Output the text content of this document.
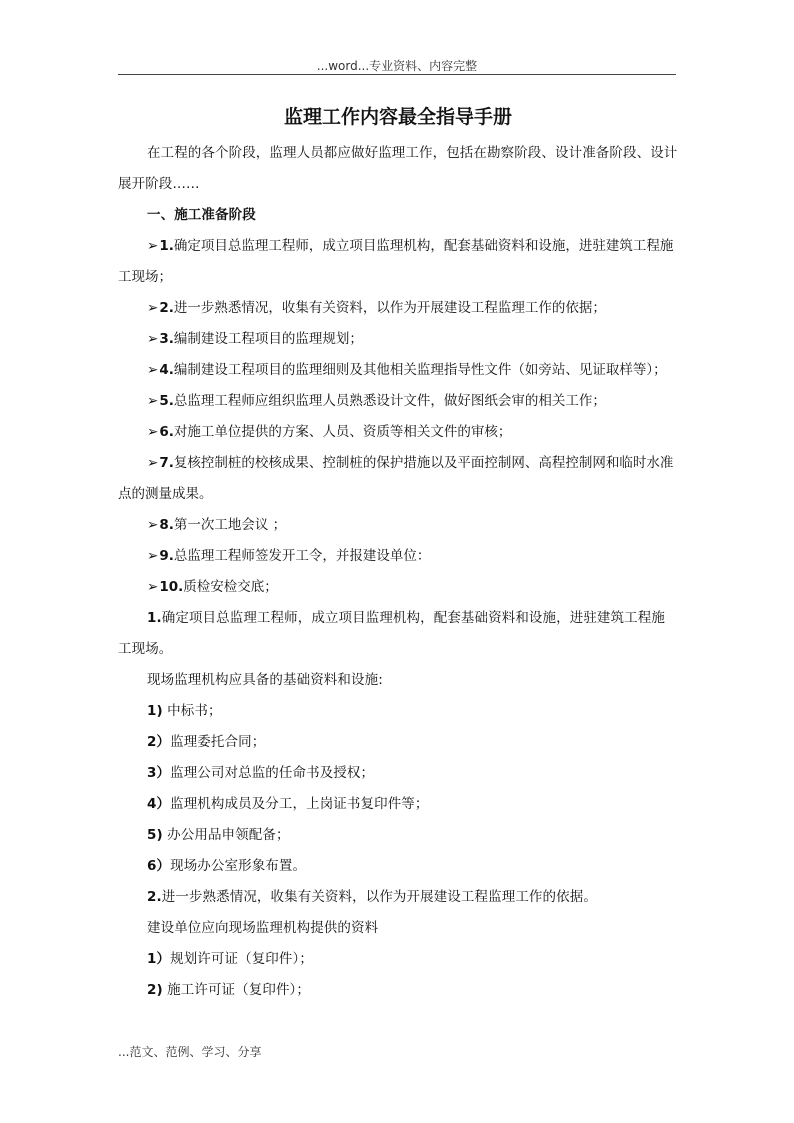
...word...专业资料、内容完整

监理工作内容最全指导手册

在工程的各个阶段，监理人员都应做好监理工作，包括在勘察阶段、设计准备阶段、设计展开阶段……

一、施工准备阶段

➢1.确定项目总监理工程师，成立项目监理机构，配套基础资料和设施，进驻建筑工程施工现场；

➢2.进一步熟悉情况，收集有关资料，以作为开展建设工程监理工作的依据；

➢3.编制建设工程项目的监理规划；

➢4.编制建设工程项目的监理细则及其他相关监理指导性文件（如旁站、见证取样等）；

➢5.总监理工程师应组织监理人员熟悉设计文件，做好图纸会审的相关工作；

➢6.对施工单位提供的方案、人员、资质等相关文件的审核；

➢7.复核控制桩的校核成果、控制桩的保护措施以及平面控制网、高程控制网和临时水准点的测量成果。

➢8.第一次工地会议 ；

➢9.总监理工程师签发开工令，并报建设单位：

➢10.质检安检交底；

1.确定项目总监理工程师，成立项目监理机构，配套基础资料和设施，进驻建筑工程施工现场。

现场监理机构应具备的基础资料和设施:

1) 中标书；

2）监理委托合同；

3）监理公司对总监的任命书及授权；

4）监理机构成员及分工，上岗证书复印件等；

5) 办公用品申领配备；

6）现场办公室形象布置。

2.进一步熟悉情况，收集有关资料，以作为开展建设工程监理工作的依据。

建设单位应向现场监理机构提供的资料

1）规划许可证（复印件）；

2) 施工许可证（复印件）；

...范文、范例、学习、分享
